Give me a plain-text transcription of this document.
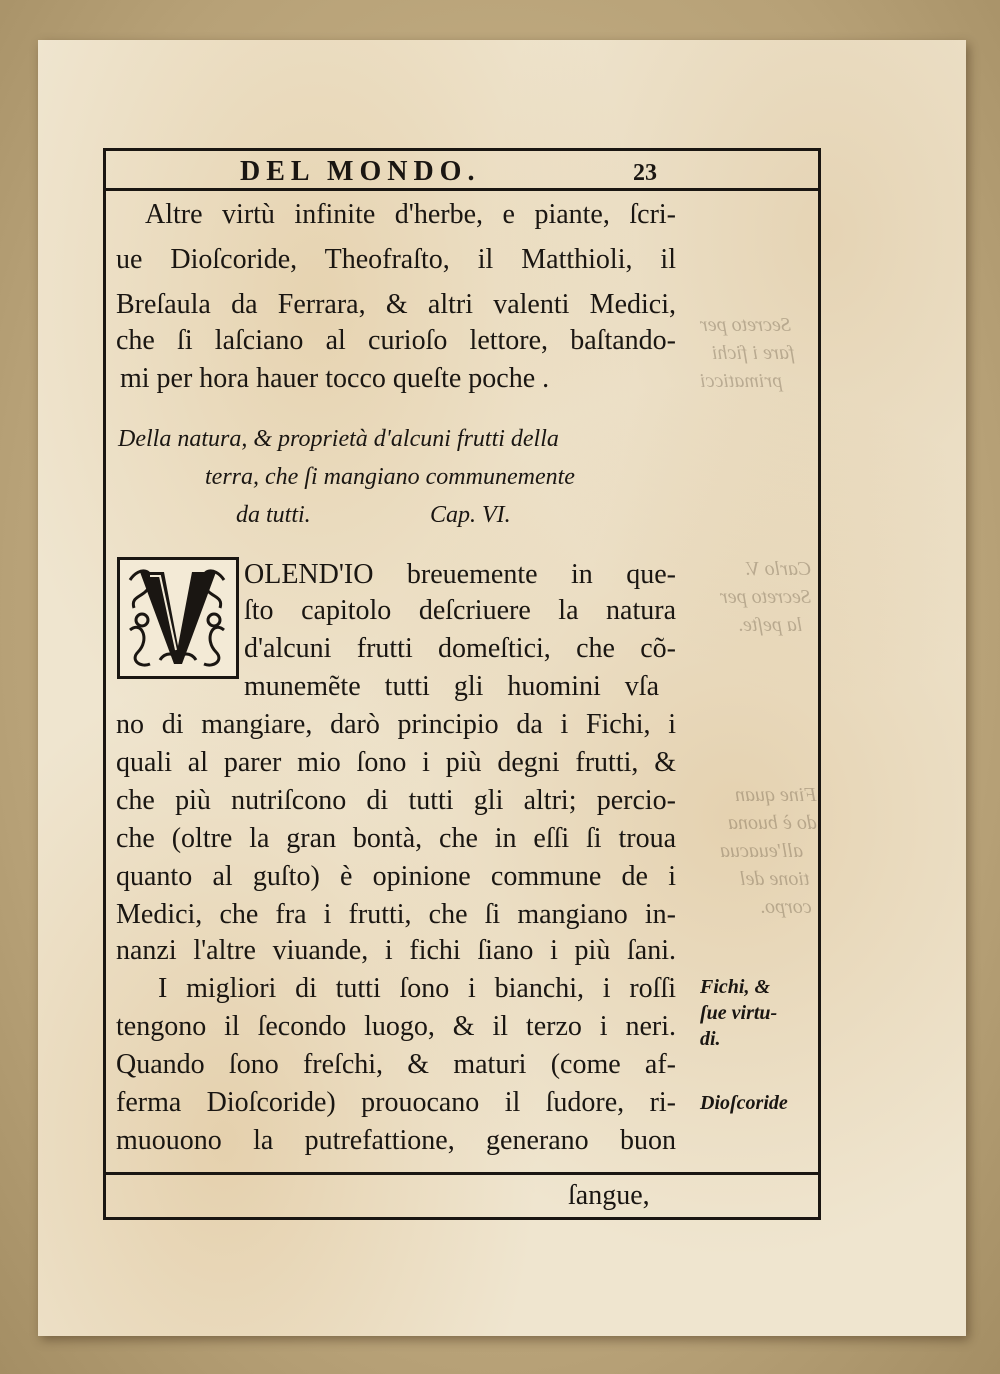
Secreto per
fare i fichi
primaticci
Carlo V.
Secreto per
la peſte.
Fine quan
do è buona
all'euacua
tione del
corpo.
DEL MONDO.	23
Altre virtù infinite d'herbe, e piante, ſcri-
ue Dioſcoride, Theofraſto, il Matthioli, il
Breſaula da Ferrara, & altri valenti Medici,
che ſi laſciano al curioſo lettore, baſtando-
mi per hora hauer tocco queſte poche .
Della natura, & proprietà d'alcuni frutti della
terra, che ſi mangiano communemente
da tutti.	Cap. VI.
OLEND'IO breuemente in que-
ſto capitolo deſcriuere la natura
d'alcuni frutti domeſtici, che cõ-
munemẽte tutti gli huomini vſa
no di mangiare, darò principio da i Fichi, i
quali al parer mio ſono i più degni frutti, &
che più nutriſcono di tutti gli altri; percio-
che (oltre la gran bontà, che in eſſi ſi troua
quanto al guſto) è opinione commune de i
Medici, che fra i frutti, che ſi mangiano in-
nanzi l'altre viuande, i fichi ſiano i più ſani.
I migliori di tutti ſono i bianchi, i roſſi
tengono il ſecondo luogo, & il terzo i neri.
Quando ſono freſchi, & maturi (come af-
ferma Dioſcoride) prouocano il ſudore, ri-
muouono la putrefattione, generano buon
ſangue,
Fichi, &
ſue virtu-
di.
Dioſcoride
